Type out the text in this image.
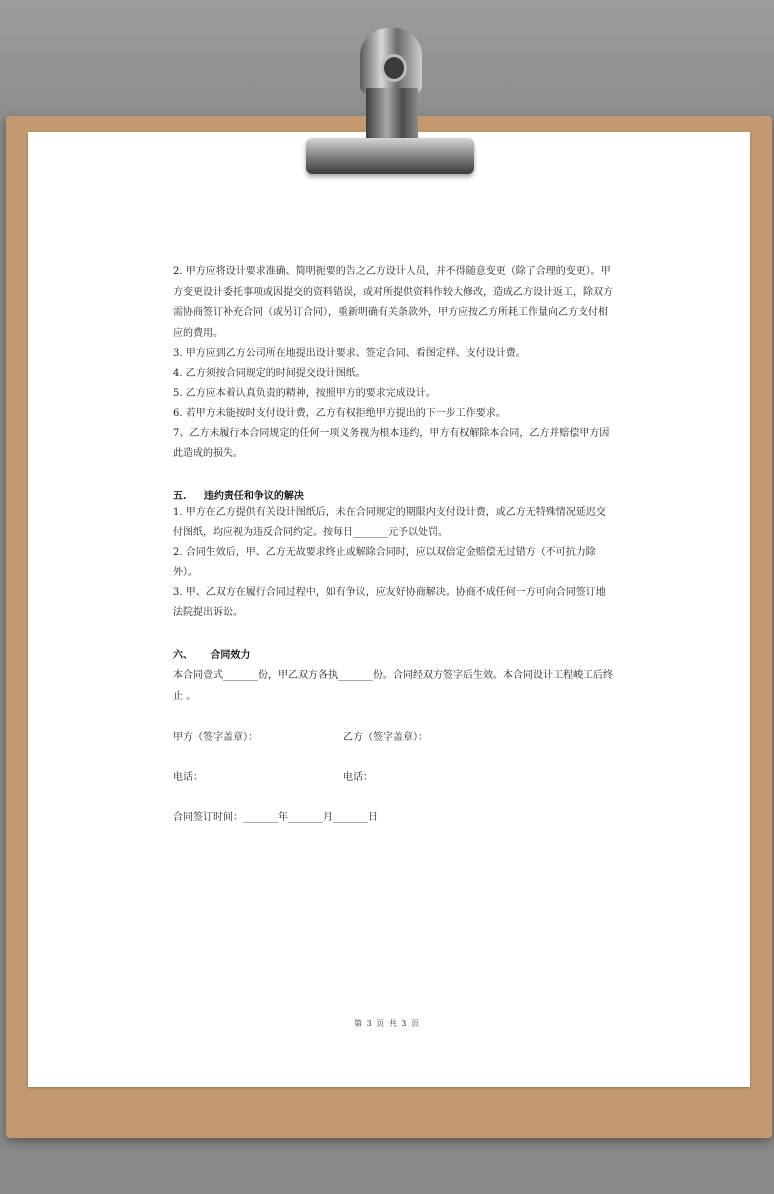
2. 甲方应将设计要求准确、简明扼要的告之乙方设计人员，并不得随意变更（除了合理的变更）。甲方变更设计委托事项或因提交的资料错误，或对所提供资料作较大修改，造成乙方设计返工，除双方需协商签订补充合同（或另订合同），重新明确有关条款外，甲方应按乙方所耗工作量向乙方支付相应的费用。

3. 甲方应到乙方公司所在地提出设计要求、签定合同、看图定样、支付设计费。

4. 乙方须按合同规定的时间提交设计图纸。

5. 乙方应本着认真负责的精神，按照甲方的要求完成设计。

6. 若甲方未能按时支付设计费，乙方有权拒绝甲方提出的下一步工作要求。

7、乙方未履行本合同规定的任何一项义务视为根本违约，甲方有权解除本合同，乙方并赔偿甲方因此造成的损失。

五.     违约责任和争议的解决

1. 甲方在乙方提供有关设计图纸后，未在合同规定的期限内支付设计费，或乙方无特殊情况延迟交付图纸，均应视为违反合同约定。按每日_______元予以处罚。

2. 合同生效后，甲、乙方无故要求终止或解除合同时，应以双倍定金赔偿无过错方（不可抗力除外）。

3. 甲、乙双方在履行合同过程中，如有争议，应友好协商解决。协商不成任何一方可向合同签订地法院提出诉讼。

六、     合同效力

本合同壹式_______份，甲乙双方各执_______份。合同经双方签字后生效。本合同设计工程峻工后终止 。

甲方（签字盖章）：	乙方（签字盖章）：
电话：	电话：
合同签订时间：_______年_______月_______日
第 3 页 共 3 页
